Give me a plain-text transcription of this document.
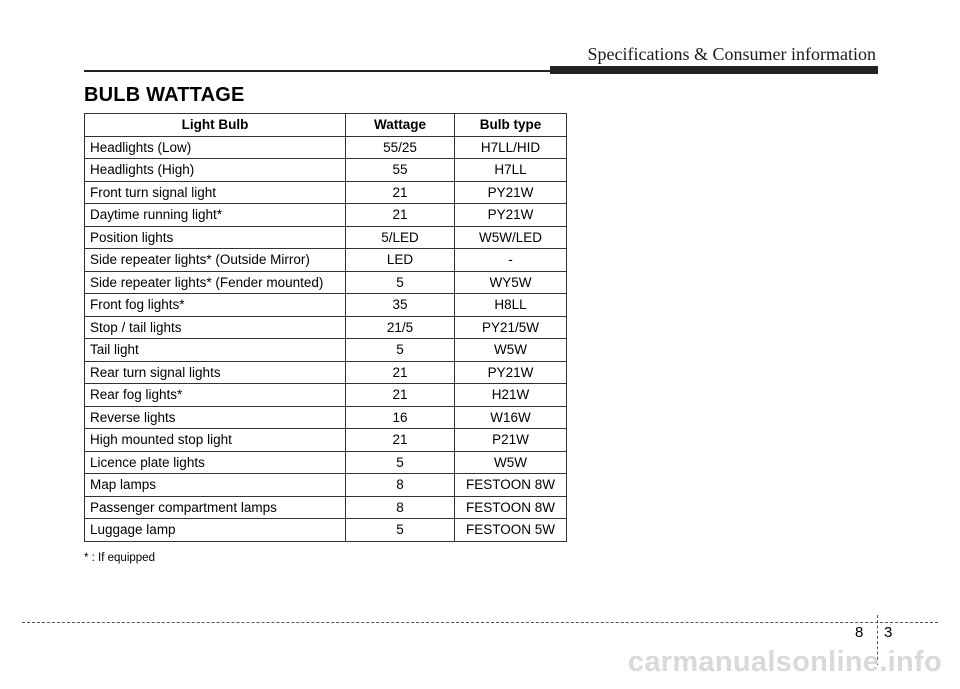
Specifications & Consumer information
BULB WATTAGE
Light Bulb	Wattage	Bulb type
Headlights (Low)	55/25	H7LL/HID
Headlights (High)	55	H7LL
Front turn signal light	21	PY21W
Daytime running light*	21	PY21W
Position lights	5/LED	W5W/LED
Side repeater lights* (Outside Mirror)	LED	-
Side repeater lights* (Fender mounted)	5	WY5W
Front fog lights*	35	H8LL
Stop / tail lights	21/5	PY21/5W
Tail light	5	W5W
Rear turn signal lights	21	PY21W
Rear fog lights*	21	H21W
Reverse lights	16	W16W
High mounted stop light	21	P21W
Licence plate lights	5	W5W
Map lamps	8	FESTOON 8W
Passenger compartment lamps	8	FESTOON 8W
Luggage lamp	5	FESTOON 5W
* : If equipped
8 3
carmanualsonline.info
